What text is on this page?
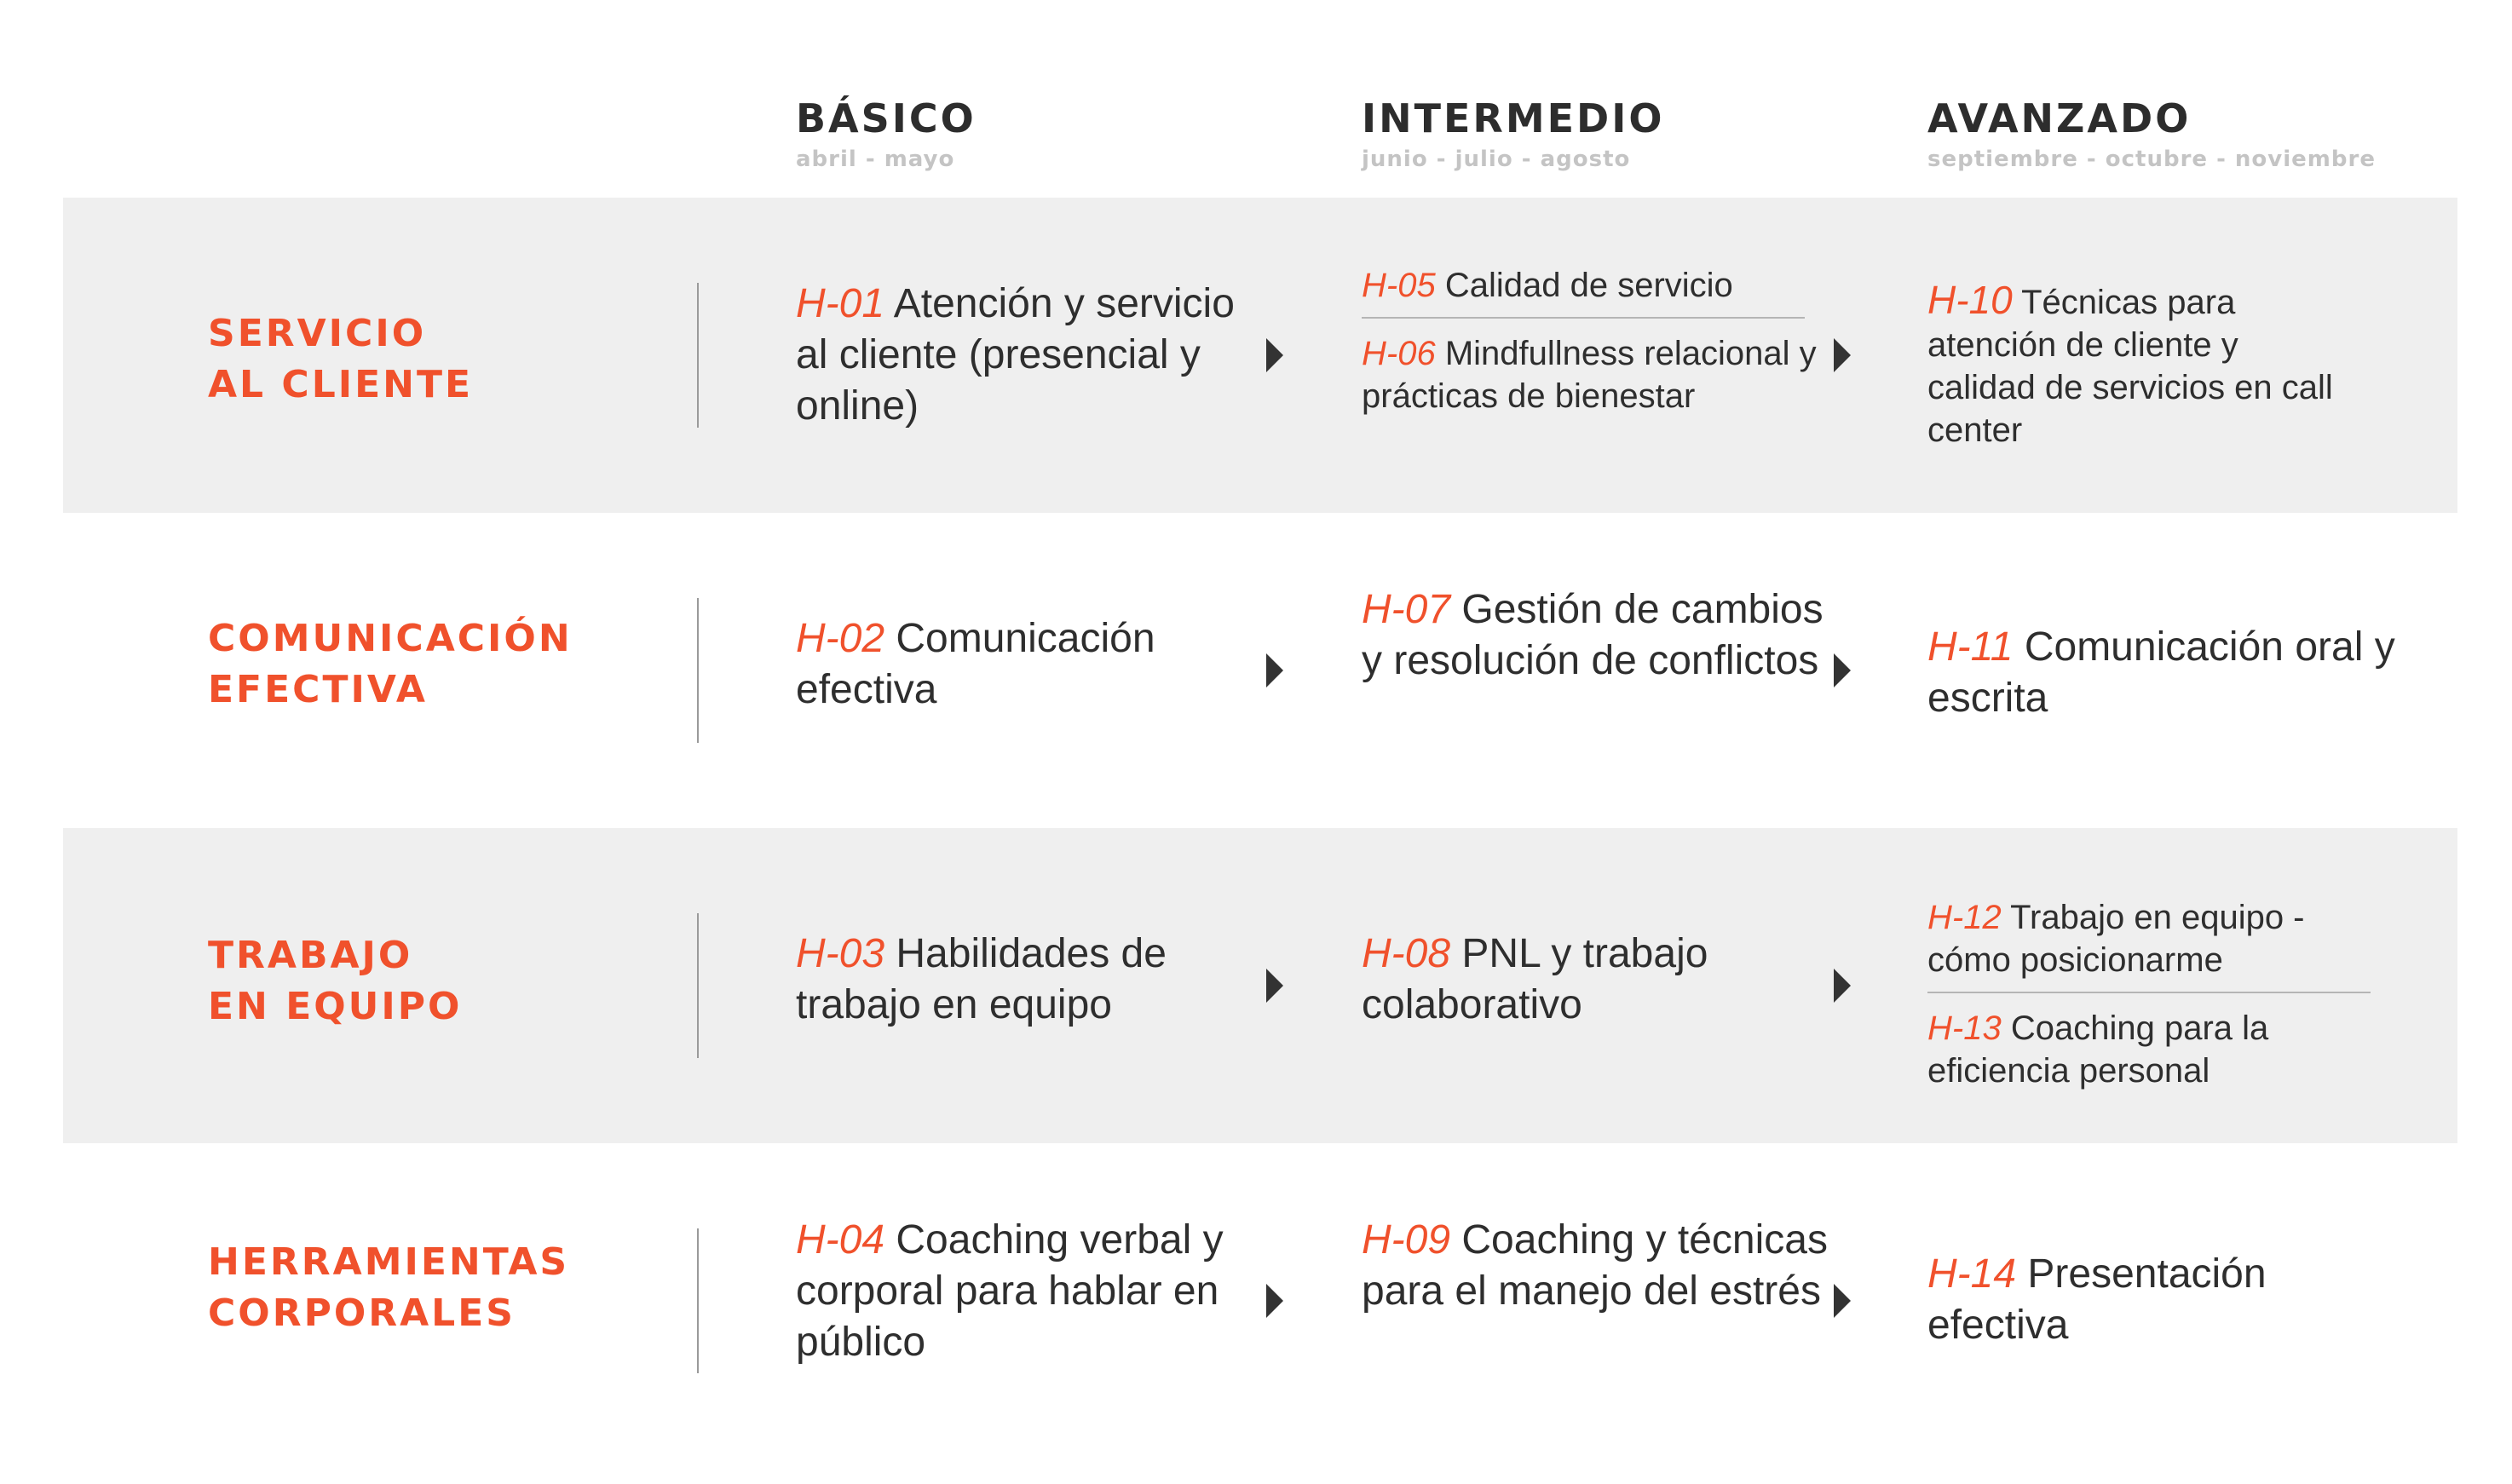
BÁSICO
abril - mayo
INTERMEDIO
junio - julio - agosto
AVANZADO
septiembre - octubre - noviembre
SERVICIO
AL CLIENTE
H-01 Atención y servicio al cliente (presencial y online)
H-05 Calidad de servicio
H-06 Mindfullness relacional y prácticas de bienestar
H-10 Técnicas para atención de cliente y calidad de servicios en call center
COMUNICACIÓN
EFECTIVA
H-02 Comunicación efectiva
H-07 Gestión de cambios y resolución de conflictos	H-11 Comunicación oral y escrita
TRABAJO
EN EQUIPO
H-03 Habilidades de trabajo en equipo
H-08 PNL y trabajo colaborativo
H-12 Trabajo en equipo - cómo posicionarme
H-13 Coaching para la eficiencia personal
HERRAMIENTAS
CORPORALES
H-04 Coaching verbal y corporal para hablar en público
H-09 Coaching y técnicas para el manejo del estrés	H-14 Presentación efectiva
